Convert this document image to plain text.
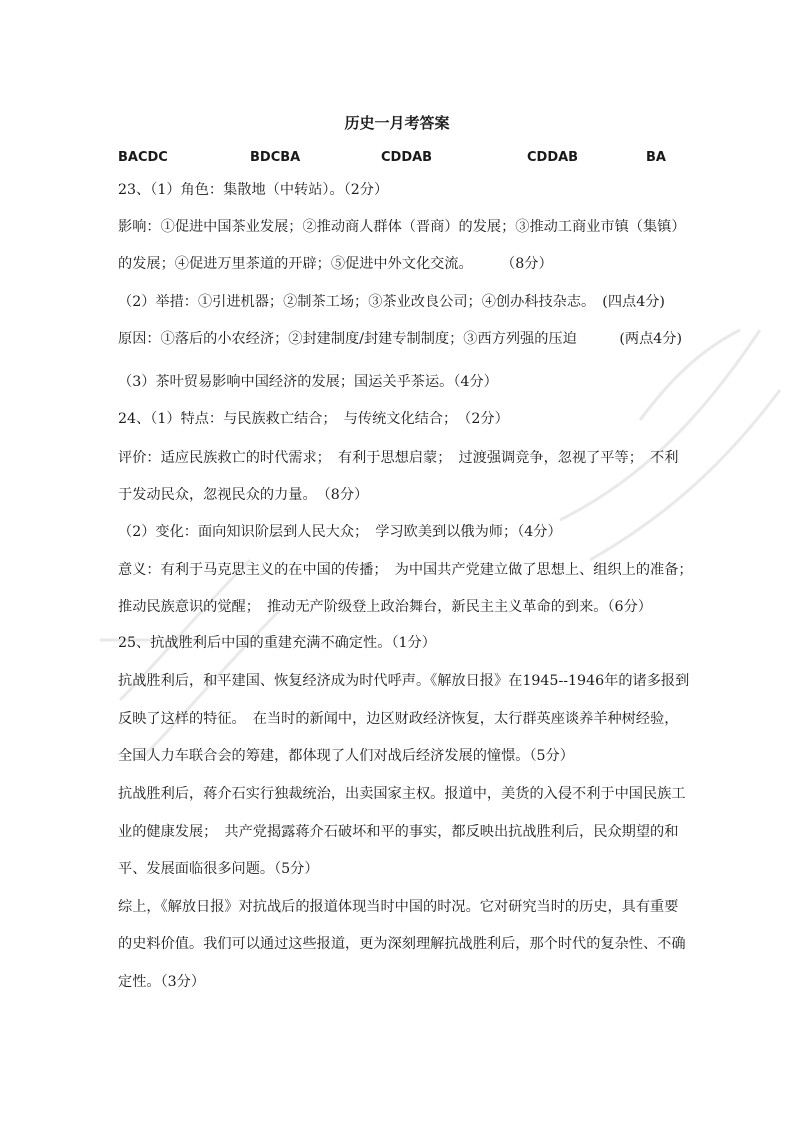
历史一月考答案
BACDC	BDCBA	CDDAB	CDDAB	BA
23、（1）角色：集散地（中转站）。（2分）
影响：①促进中国茶业发展；②推动商人群体（晋商）的发展；③推动工商业市镇（集镇）
的发展；④促进万里茶道的开辟；⑤促进中外文化交流。　　　（8分）
（2）举措：①引进机器；②制茶工场；③茶业改良公司；④创办科技杂志。　(四点4分)
原因：①落后的小农经济；②封建制度/封建专制制度；③西方列强的压迫　　　(两点4分)
（3）茶叶贸易影响中国经济的发展；国运关乎茶运。（4分）
24、（1）特点：与民族救亡结合；　与传统文化结合；　（2分）
评价：适应民族救亡的时代需求；　有利于思想启蒙；　过渡强调竞争，忽视了平等；　不利
于发动民众，忽视民众的力量。　（8分）
（2）变化：面向知识阶层到人民大众；　学习欧美到以俄为师；（4分）
意义：有利于马克思主义的在中国的传播；　为中国共产党建立做了思想上、组织上的准备；
推动民族意识的觉醒；　推动无产阶级登上政治舞台，新民主主义革命的到来。（6分）
25、抗战胜利后中国的重建充满不确定性。（1分）
抗战胜利后，和平建国、恢复经济成为时代呼声。《解放日报》在1945--1946年的诸多报到
反映了这样的特征。　在当时的新闻中，边区财政经济恢复，太行群英座谈养羊种树经验，
全国人力车联合会的筹建，都体现了人们对战后经济发展的憧憬。（5分）
抗战胜利后，蒋介石实行独裁统治，出卖国家主权。报道中，美货的入侵不利于中国民族工
业的健康发展；　共产党揭露蒋介石破坏和平的事实，都反映出抗战胜利后，民众期望的和
平、发展面临很多问题。（5分）
综上，《解放日报》对抗战后的报道体现当时中国的时况。它对研究当时的历史，具有重要
的史料价值。我们可以通过这些报道，更为深刻理解抗战胜利后，那个时代的复杂性、不确
定性。（3分）
